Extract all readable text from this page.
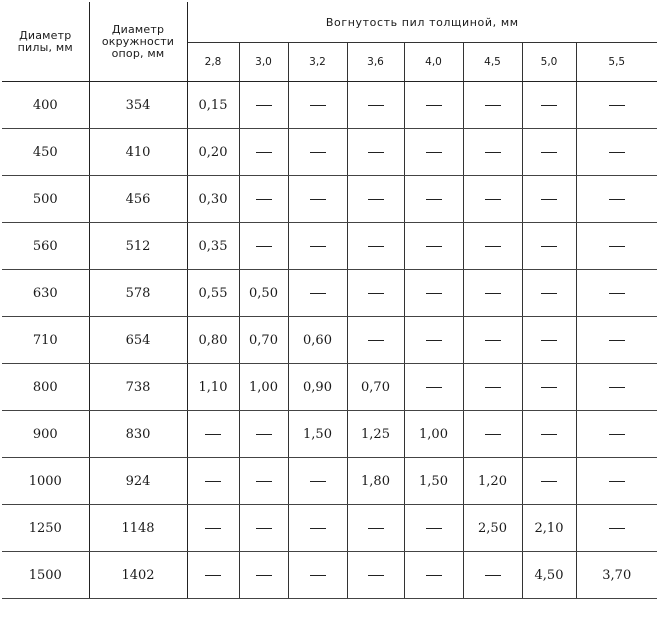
Диаметр пилы, мм	Диаметр окружности опор, мм	Вогнутость пил толщиной, мм							
		2,8	3,0	3,2	3,6	4,0	4,5	5,0	5,5
400	354	0,15							
450	410	0,20							
500	456	0,30							
560	512	0,35							
630	578	0,55	0,50						
710	654	0,80	0,70	0,60					
800	738	1,10	1,00	0,90	0,70				
900	830			1,50	1,25	1,00			
1000	924				1,80	1,50	1,20		
1250	1148						2,50	2,10	
1500	1402							4,50	3,70
